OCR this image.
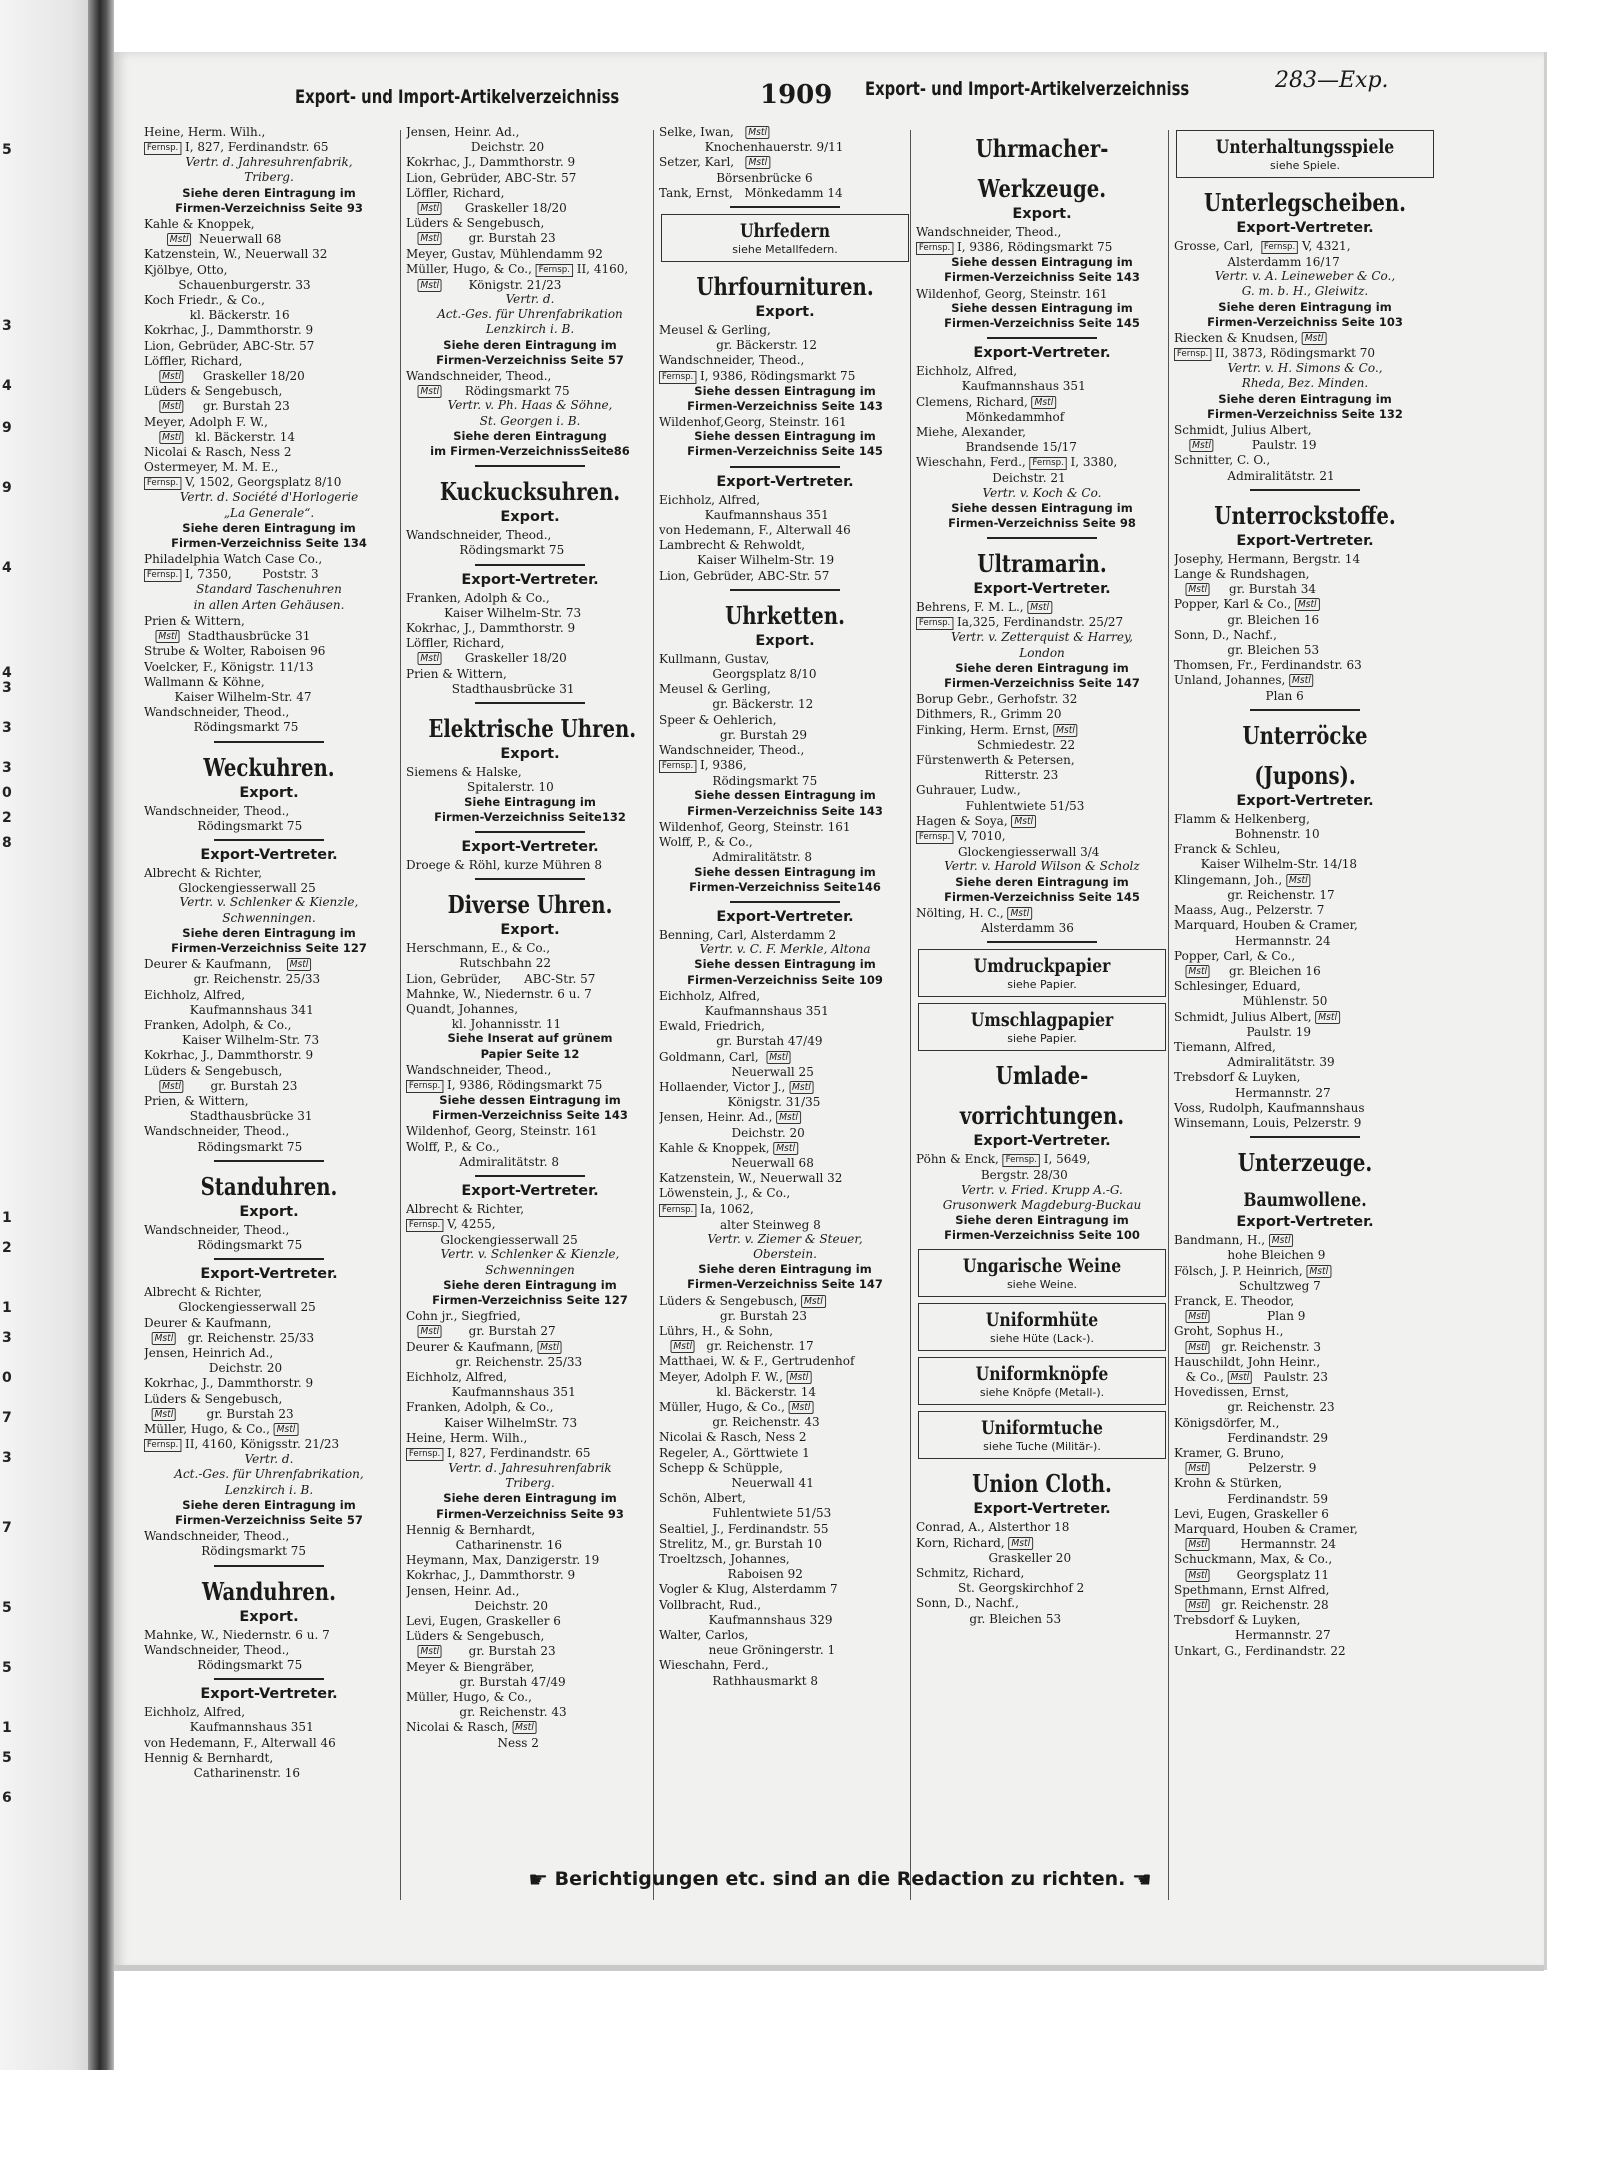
5
3
4
9
9
4
4
3
3
3
0
2
8
1
2
1
3
0
7
3
7
5
5
1
5
6
Export- und Import-Artikelverzeichniss	1909 Export- und Import-Artikelverzeichniss	283—Exp.
Heine, Herm. Wilh.,
Fernsp. I, 827, Ferdinandstr. 65
Vertr. d. Jahresuhrenfabrik,
Triberg.
Siehe deren Eintragung im
Firmen-Verzeichniss Seite 93
Kahle & Knoppek,
Mstl  Neuerwall 68
Katzenstein, W., Neuerwall 32
Kjölbye, Otto,
Schauenburgerstr. 33
Koch Friedr., & Co.,
kl. Bäckerstr. 16
Kokrhac, J., Dammthorstr. 9
Lion, Gebrüder, ABC-Str. 57
Löffler, Richard,
Mstl     Graskeller 18/20
Lüders & Sengebusch,
Mstl     gr. Burstah 23
Meyer, Adolph F. W.,
Mstl   kl. Bäckerstr. 14
Nicolai & Rasch, Ness 2
Ostermeyer, M. M. E.,
Fernsp. V, 1502, Georgsplatz 8/10
Vertr. d. Société d'Horlogerie
„La Generale“.
Siehe deren Eintragung im
Firmen-Verzeichniss Seite 134
Philadelphia Watch Case Co.,
Fernsp. I, 7350,        Poststr. 3
Standard Taschenuhren
in allen Arten Gehäusen.
Prien & Wittern,
Mstl  Stadthausbrücke 31
Strube & Wolter, Raboisen 96
Voelcker, F., Königstr. 11/13
Wallmann & Köhne,
Kaiser Wilhelm-Str. 47
Wandschneider, Theod.,
Rödingsmarkt 75
Weckuhren.
Export.
Wandschneider, Theod.,
Rödingsmarkt 75
Export-Vertreter.
Albrecht & Richter,
Glockengiesserwall 25
Vertr. v. Schlenker & Kienzle,
Schwenningen.
Siehe deren Eintragung im
Firmen-Verzeichniss Seite 127
Deurer & Kaufmann,    Mstl
gr. Reichenstr. 25/33
Eichholz, Alfred,
Kaufmannshaus 341
Franken, Adolph, & Co.,
Kaiser Wilhelm-Str. 73
Kokrhac, J., Dammthorstr. 9
Lüders & Sengebusch,
Mstl       gr. Burstah 23
Prien, & Wittern,
Stadthausbrücke 31
Wandschneider, Theod.,
Rödingsmarkt 75
Standuhren.
Export.
Wandschneider, Theod.,
Rödingsmarkt 75
Export-Vertreter.
Albrecht & Richter,
Glockengiesserwall 25
Deurer & Kaufmann,
Mstl   gr. Reichenstr. 25/33
Jensen, Heinrich Ad.,
Deichstr. 20
Kokrhac, J., Dammthorstr. 9
Lüders & Sengebusch,
Mstl        gr. Burstah 23
Müller, Hugo, & Co., Mstl
Fernsp. II, 4160, Königsstr. 21/23
Vertr. d.
Act.-Ges. für Uhrenfabrikation,
Lenzkirch i. B.
Siehe deren Eintragung im
Firmen-Verzeichniss Seite 57
Wandschneider, Theod.,
Rödingsmarkt 75
Wanduhren.
Export.
Mahnke, W., Niedernstr. 6 u. 7
Wandschneider, Theod.,
Rödingsmarkt 75
Export-Vertreter.
Eichholz, Alfred,
Kaufmannshaus 351
von Hedemann, F., Alterwall 46
Hennig & Bernhardt,
Catharinenstr. 16
Jensen, Heinr. Ad.,
Deichstr. 20
Kokrhac, J., Dammthorstr. 9
Lion, Gebrüder, ABC-Str. 57
Löffler, Richard,
Mstl      Graskeller 18/20
Lüders & Sengebusch,
Mstl       gr. Burstah 23
Meyer, Gustav, Mühlendamm 92
Müller, Hugo, & Co., Fernsp. II, 4160,
Mstl       Königstr. 21/23
Vertr. d.
Act.-Ges. für Uhrenfabrikation
Lenzkirch i. B.
Siehe deren Eintragung im
Firmen-Verzeichniss Seite 57
Wandschneider, Theod.,
Mstl      Rödingsmarkt 75
Vertr. v. Ph. Haas & Söhne,
St. Georgen i. B.
Siehe deren Eintragung
im Firmen-VerzeichnissSeite86
Kuckucksuhren.
Export.
Wandschneider, Theod.,
Rödingsmarkt 75
Export-Vertreter.
Franken, Adolph & Co.,
Kaiser Wilhelm-Str. 73
Kokrhac, J., Dammthorstr. 9
Löffler, Richard,
Mstl      Graskeller 18/20
Prien & Wittern,
Stadthausbrücke 31
Elektrische Uhren.
Export.
Siemens & Halske,
Spitalerstr. 10
Siehe Eintragung im
Firmen-Verzeichniss Seite132
Export-Vertreter.
Droege & Röhl, kurze Mühren 8
Diverse Uhren.
Export.
Herschmann, E., & Co.,
Rutschbahn 22
Lion, Gebrüder,      ABC-Str. 57
Mahnke, W., Niedernstr. 6 u. 7
Quandt, Johannes,
kl. Johannisstr. 11
Siehe Inserat auf grünem
Papier Seite 12
Wandschneider, Theod.,
Fernsp. I, 9386, Rödingsmarkt 75
Siehe dessen Eintragung im
Firmen-Verzeichniss Seite 143
Wildenhof, Georg, Steinstr. 161
Wolff, P., & Co.,
Admiralitätstr. 8
Export-Vertreter.
Albrecht & Richter,
Fernsp. V, 4255,
Glockengiesserwall 25
Vertr. v. Schlenker & Kienzle,
Schwenningen
Siehe deren Eintragung im
Firmen-Verzeichniss Seite 127
Cohn jr., Siegfried,
Mstl       gr. Burstah 27
Deurer & Kaufmann, Mstl
gr. Reichenstr. 25/33
Eichholz, Alfred,
Kaufmannshaus 351
Franken, Adolph, & Co.,
Kaiser WilhelmStr. 73
Heine, Herm. Wilh.,
Fernsp. I, 827, Ferdinandstr. 65
Vertr. d. Jahresuhrenfabrik
Triberg.
Siehe deren Eintragung im
Firmen-Verzeichniss Seite 93
Hennig & Bernhardt,
Catharinenstr. 16
Heymann, Max, Danzigerstr. 19
Kokrhac, J., Dammthorstr. 9
Jensen, Heinr. Ad.,
Deichstr. 20
Levi, Eugen, Graskeller 6
Lüders & Sengebusch,
Mstl       gr. Burstah 23
Meyer & Biengräber,
gr. Burstah 47/49
Müller, Hugo, & Co.,
gr. Reichenstr. 43
Nicolai & Rasch, Mstl
Ness 2
Selke, Iwan,   Mstl
Knochenhauerstr. 9/11
Setzer, Karl,   Mstl
Börsenbrücke 6
Tank, Ernst,   Mönkedamm 14
Uhrfedern
siehe Metallfedern.
Uhrfournituren.
Export.
Meusel & Gerling,
gr. Bäckerstr. 12
Wandschneider, Theod.,
Fernsp. I, 9386, Rödingsmarkt 75
Siehe dessen Eintragung im
Firmen-Verzeichniss Seite 143
Wildenhof,Georg, Steinstr. 161
Siehe dessen Eintragung im
Firmen-Verzeichniss Seite 145
Export-Vertreter.
Eichholz, Alfred,
Kaufmannshaus 351
von Hedemann, F., Alterwall 46
Lambrecht & Rehwoldt,
Kaiser Wilhelm-Str. 19
Lion, Gebrüder, ABC-Str. 57
Uhrketten.
Export.
Kullmann, Gustav,
Georgsplatz 8/10
Meusel & Gerling,
gr. Bäckerstr. 12
Speer & Oehlerich,
gr. Burstah 29
Wandschneider, Theod.,
Fernsp. I, 9386,
Rödingsmarkt 75
Siehe dessen Eintragung im
Firmen-Verzeichniss Seite 143
Wildenhof, Georg, Steinstr. 161
Wolff, P., & Co.,
Admiralitätstr. 8
Siehe dessen Eintragung im
Firmen-Verzeichniss Seite146
Export-Vertreter.
Benning, Carl, Alsterdamm 2
Vertr. v. C. F. Merkle, Altona
Siehe dessen Eintragung im
Firmen-Verzeichniss Seite 109
Eichholz, Alfred,
Kaufmannshaus 351
Ewald, Friedrich,
gr. Burstah 47/49
Goldmann, Carl,  Mstl
Neuerwall 25
Hollaender, Victor J., Mstl
Königstr. 31/35
Jensen, Heinr. Ad., Mstl
Deichstr. 20
Kahle & Knoppek, Mstl
Neuerwall 68
Katzenstein, W., Neuerwall 32
Löwenstein, J., & Co.,
Fernsp. Ia, 1062,
alter Steinweg 8
Vertr. v. Ziemer & Steuer,
Oberstein.
Siehe deren Eintragung im
Firmen-Verzeichniss Seite 147
Lüders & Sengebusch, Mstl
gr. Burstah 23
Lührs, H., & Sohn,
Mstl   gr. Reichenstr. 17
Matthaei, W. & F., Gertrudenhof
Meyer, Adolph F. W., Mstl
kl. Bäckerstr. 14
Müller, Hugo, & Co., Mstl
gr. Reichenstr. 43
Nicolai & Rasch, Ness 2
Regeler, A., Görttwiete 1
Schepp & Schüpple,
Neuerwall 41
Schön, Albert,
Fuhlentwiete 51/53
Sealtiel, J., Ferdinandstr. 55
Strelitz, M., gr. Burstah 10
Troeltzsch, Johannes,
Raboisen 92
Vogler & Klug, Alsterdamm 7
Vollbracht, Rud.,
Kaufmannshaus 329
Walter, Carlos,
neue Gröningerstr. 1
Wieschahn, Ferd.,
Rathhausmarkt 8
Uhrmacher-
Werkzeuge.
Export.
Wandschneider, Theod.,
Fernsp. I, 9386, Rödingsmarkt 75
Siehe dessen Eintragung im
Firmen-Verzeichniss Seite 143
Wildenhof, Georg, Steinstr. 161
Siehe dessen Eintragung im
Firmen-Verzeichniss Seite 145
Export-Vertreter.
Eichholz, Alfred,
Kaufmannshaus 351
Clemens, Richard, Mstl
Mönkedammhof
Miehe, Alexander,
Brandsende 15/17
Wieschahn, Ferd., Fernsp. I, 3380,
Deichstr. 21
Vertr. v. Koch & Co.
Siehe dessen Eintragung im
Firmen-Verzeichniss Seite 98
Ultramarin.
Export-Vertreter.
Behrens, F. M. L., Mstl
Fernsp. Ia,325, Ferdinandstr. 25/27
Vertr. v. Zetterquist & Harrey,
London
Siehe deren Eintragung im
Firmen-Verzeichniss Seite 147
Borup Gebr., Gerhofstr. 32
Dithmers, R., Grimm 20
Finking, Herm. Ernst, Mstl
Schmiedestr. 22
Fürstenwerth & Petersen,
Ritterstr. 23
Guhrauer, Ludw.,
Fuhlentwiete 51/53
Hagen & Soya, Mstl
Fernsp. V, 7010,
Glockengiesserwall 3/4
Vertr. v. Harold Wilson & Scholz
Siehe deren Eintragung im
Firmen-Verzeichniss Seite 145
Nölting, H. C., Mstl
Alsterdamm 36
Umdruckpapier
siehe Papier.
Umschlagpapier
siehe Papier.
Umlade-
vorrichtungen.
Export-Vertreter.
Pöhn & Enck, Fernsp. I, 5649,
Bergstr. 28/30
Vertr. v. Fried. Krupp A.-G.
Grusonwerk Magdeburg-Buckau
Siehe deren Eintragung im
Firmen-Verzeichniss Seite 100
Ungarische Weine
siehe Weine.
Uniformhüte
siehe Hüte (Lack-).
Uniformknöpfe
siehe Knöpfe (Metall-).
Uniformtuche
siehe Tuche (Militär-).
Union Cloth.
Export-Vertreter.
Conrad, A., Alsterthor 18
Korn, Richard, Mstl
Graskeller 20
Schmitz, Richard,
St. Georgskirchhof 2
Sonn, D., Nachf.,
gr. Bleichen 53
Unterhaltungsspiele
siehe Spiele.
Unterlegscheiben.
Export-Vertreter.
Grosse, Carl,  Fernsp. V, 4321,
Alsterdamm 16/17
Vertr. v. A. Leineweber & Co.,
G. m. b. H., Gleiwitz.
Siehe deren Eintragung im
Firmen-Verzeichniss Seite 103
Riecken & Knudsen, Mstl
Fernsp. II, 3873, Rödingsmarkt 70
Vertr. v. H. Simons & Co.,
Rheda, Bez. Minden.
Siehe deren Eintragung im
Firmen-Verzeichniss Seite 132
Schmidt, Julius Albert,
Mstl          Paulstr. 19
Schnitter, C. O.,
Admiralitätstr. 21
Unterrockstoffe.
Export-Vertreter.
Josephy, Hermann, Bergstr. 14
Lange & Rundshagen,
Mstl     gr. Burstah 34
Popper, Karl & Co., Mstl
gr. Bleichen 16
Sonn, D., Nachf.,
gr. Bleichen 53
Thomsen, Fr., Ferdinandstr. 63
Unland, Johannes, Mstl
Plan 6
Unterröcke
(Jupons).
Export-Vertreter.
Flamm & Helkenberg,
Bohnenstr. 10
Franck & Schleu,
Kaiser Wilhelm-Str. 14/18
Klingemann, Joh., Mstl
gr. Reichenstr. 17
Maass, Aug., Pelzerstr. 7
Marquard, Houben & Cramer,
Hermannstr. 24
Popper, Carl, & Co.,
Mstl     gr. Bleichen 16
Schlesinger, Eduard,
Mühlenstr. 50
Schmidt, Julius Albert, Mstl
Paulstr. 19
Tiemann, Alfred,
Admiralitätstr. 39
Trebsdorf & Luyken,
Hermannstr. 27
Voss, Rudolph, Kaufmannshaus
Winsemann, Louis, Pelzerstr. 9
Unterzeuge.
Baumwollene.
Export-Vertreter.
Bandmann, H., Mstl
hohe Bleichen 9
Fölsch, J. P. Heinrich, Mstl
Schultzweg 7
Franck, E. Theodor,
Mstl               Plan 9
Groht, Sophus H.,
Mstl   gr. Reichenstr. 3
Hauschildt, John Heinr.,
& Co., Mstl   Paulstr. 23
Hovedissen, Ernst,
gr. Reichenstr. 23
Königsdörfer, M.,
Ferdinandstr. 29
Kramer, G. Bruno,
Mstl          Pelzerstr. 9
Krohn & Stürken,
Ferdinandstr. 59
Levi, Eugen, Graskeller 6
Marquard, Houben & Cramer,
Mstl        Hermannstr. 24
Schuckmann, Max, & Co.,
Mstl       Georgsplatz 11
Spethmann, Ernst Alfred,
Mstl   gr. Reichenstr. 28
Trebsdorf & Luyken,
Hermannstr. 27
Unkart, G., Ferdinandstr. 22
☛ Berichtigungen etc. sind an die Redaction zu richten. ☛
